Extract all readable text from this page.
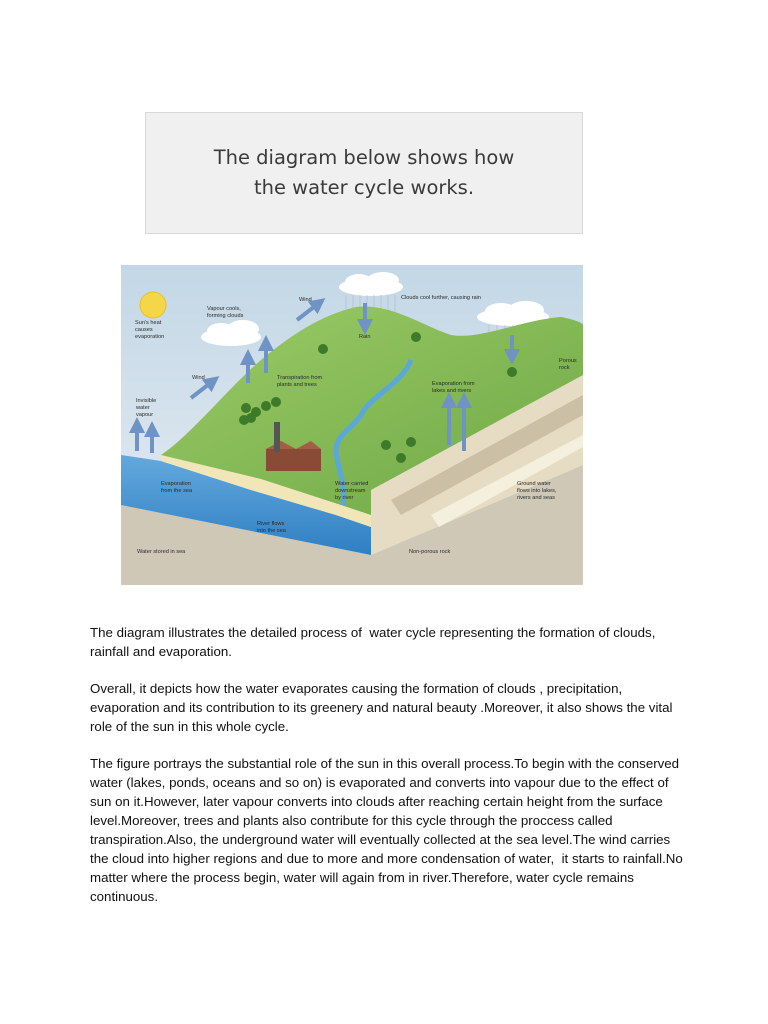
The diagram below shows how
the water cycle works.
Sun's heat causes evaporation
Vapour cools, forming clouds
Wind	Clouds cool further, causing rain
Rain
Porous rock
Wind	Transpiration from plants and trees	Evaporation from lakes and rivers
Invisible water vapour
Evaporation from the sea
Water carried downstream by river
Ground water flows into lakes, rivers and seas
River flows into the sea
Water stored in sea	Non-porous rock

The diagram illustrates the detailed process of  water cycle representing the formation of clouds, rainfall and evaporation.

Overall, it depicts how the water evaporates causing the formation of clouds , precipitation, evaporation and its contribution to its greenery and natural beauty .Moreover, it also shows the vital role of the sun in this whole cycle.

The figure portrays the substantial role of the sun in this overall process.To begin with the conserved water (lakes, ponds, oceans and so on) is evaporated and converts into vapour due to the effect of sun on it.However, later vapour converts into clouds after reaching certain height from the surface level.Moreover, trees and plants also contribute for this cycle through the proccess called transpiration.Also, the underground water will eventually collected at the sea level.The wind carries the cloud into higher regions and due to more and more condensation of water,  it starts to rainfall.No matter where the process begin, water will again from in river.Therefore, water cycle remains continuous.
